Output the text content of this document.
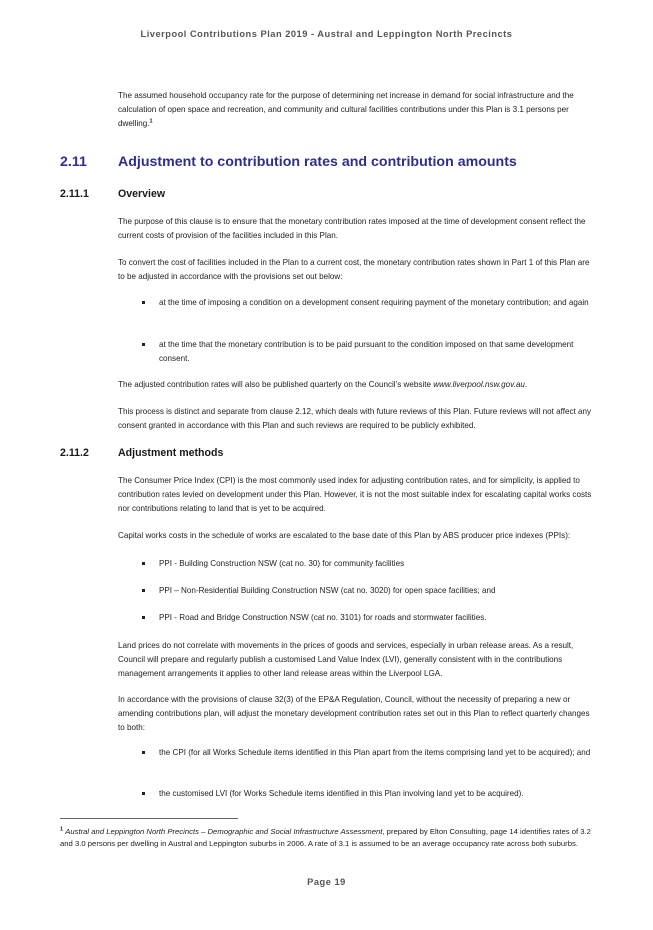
Liverpool Contributions Plan 2019 - Austral and Leppington North Precincts

The assumed household occupancy rate for the purpose of determining net increase in demand for social infrastructure and the calculation of open space and recreation, and community and cultural facilities contributions under this Plan is 3.1 persons per dwelling.$^1$

2.11 Adjustment to contribution rates and contribution amounts
2.11.1	Overview

The purpose of this clause is to ensure that the monetary contribution rates imposed at the time of development consent reflect the current costs of provision of the facilities included in this Plan.

To convert the cost of facilities included in the Plan to a current cost, the monetary contribution rates shown in Part 1 of this Plan are to be adjusted in accordance with the provisions set out below:

at the time of imposing a condition on a development consent requiring payment of the monetary contribution; and again
at the time that the monetary contribution is to be paid pursuant to the condition imposed on that same development consent.

The adjusted contribution rates will also be published quarterly on the Council’s website www.liverpool.nsw.gov.au.

This process is distinct and separate from clause 2.12, which deals with future reviews of this Plan. Future reviews will not affect any consent granted in accordance with this Plan and such reviews are required to be publicly exhibited.

2.11.2	Adjustment methods

The Consumer Price Index (CPI) is the most commonly used index for adjusting contribution rates, and for simplicity, is applied to contribution rates levied on development under this Plan. However, it is not the most suitable index for escalating capital works costs nor contributions relating to land that is yet to be acquired.

Capital works costs in the schedule of works are escalated to the base date of this Plan by ABS producer price indexes (PPIs):

PPI - Building Construction NSW (cat no. 30) for community facilities
PPI – Non-Residential Building Construction NSW (cat no. 3020) for open space facilities; and
PPI - Road and Bridge Construction NSW (cat no. 3101) for roads and stormwater facilities.

Land prices do not correlate with movements in the prices of goods and services, especially in urban release areas. As a result, Council will prepare and regularly publish a customised Land Value Index (LVI), generally consistent with in the contributions management arrangements it applies to other land release areas within the Liverpool LGA.

In accordance with the provisions of clause 32(3) of the EP&A Regulation, Council, without the necessity of preparing a new or amending contributions plan, will adjust the monetary development contribution rates set out in this Plan to reflect quarterly changes to both:

the CPI (for all Works Schedule items identified in this Plan apart from the items comprising land yet to be acquired); and
the customised LVI (for Works Schedule items identified in this Plan involving land yet to be acquired).

$^1$ Austral and Leppington North Precincts – Demographic and Social Infrastructure Assessment, prepared by Elton Consulting, page 14 identifies rates of 3.2 and 3.0 persons per dwelling in Austral and Leppington suburbs in 2006. A rate of 3.1 is assumed to be an average occupancy rate across both suburbs.

Page 19
